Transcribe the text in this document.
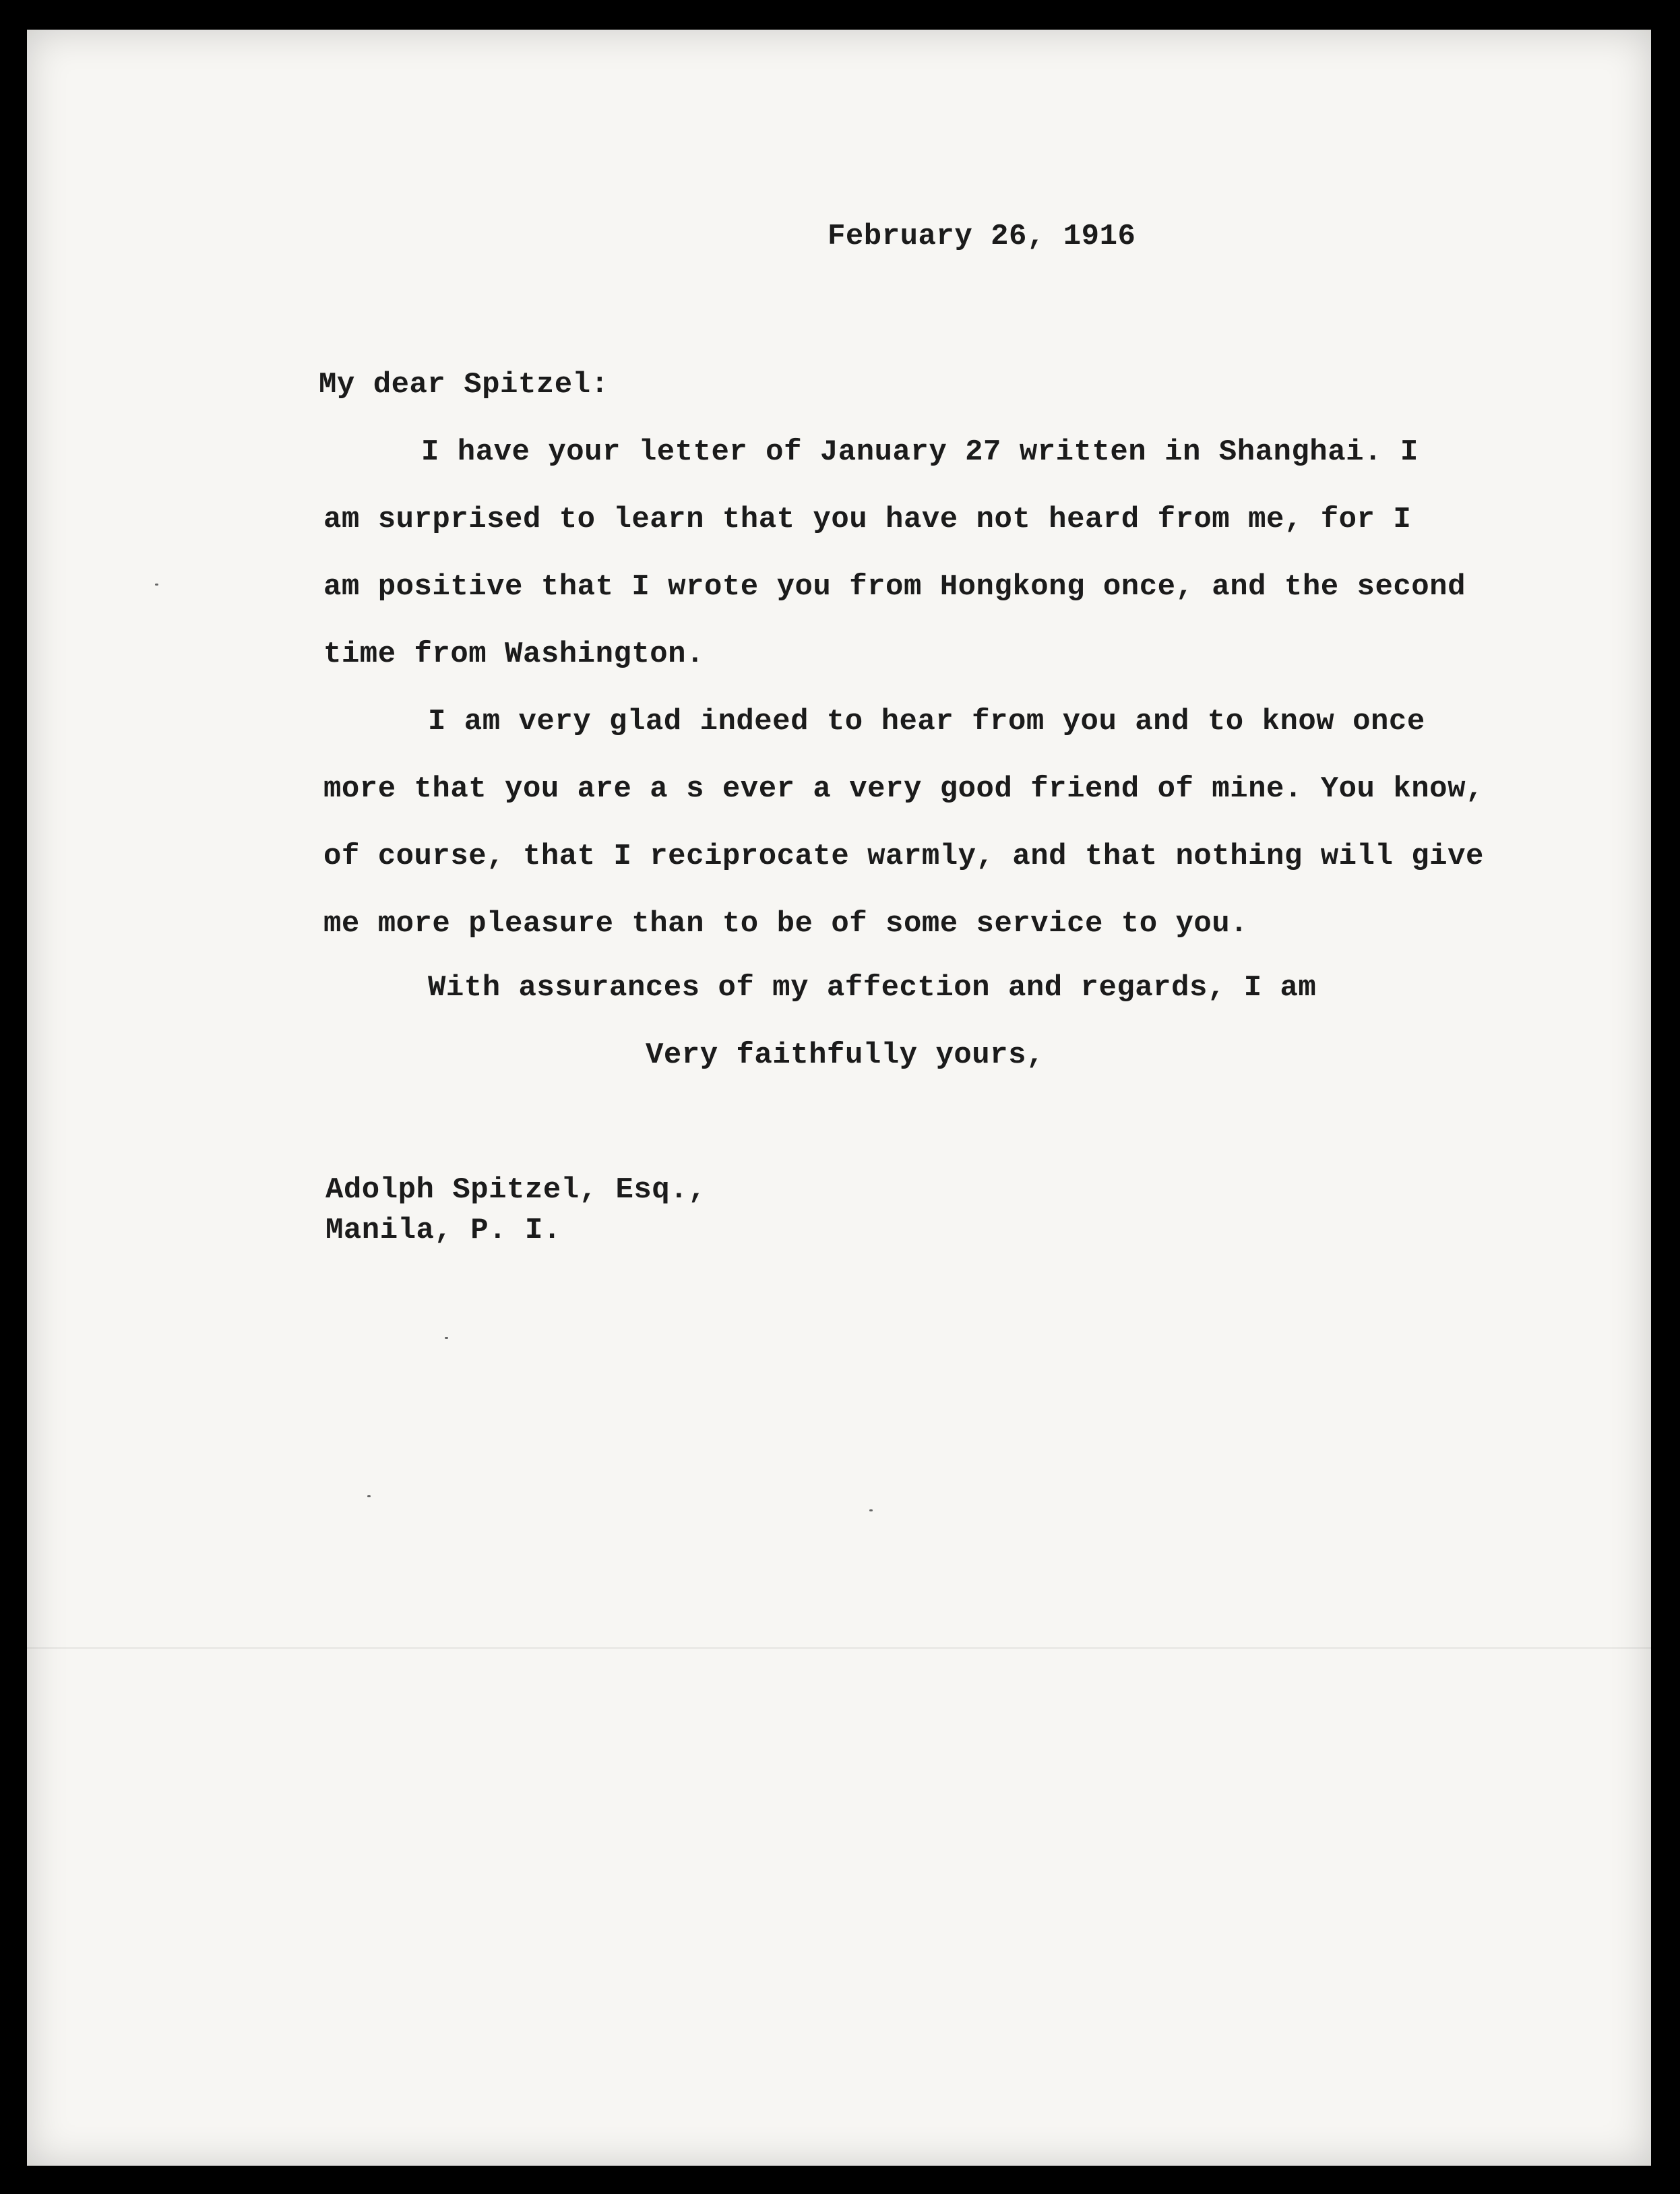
February 26, 1916
My dear Spitzel:
I have your letter of January 27 written in Shanghai. I
am surprised to learn that you have not heard from me, for I
am positive that I wrote you from Hongkong once, and the second
time from Washington.
I am very glad indeed to hear from you and to know once
more that you are a s ever a very good friend of mine. You know,
of course, that I reciprocate warmly, and that nothing will give
me more pleasure than to be of some service to you.
With assurances of my affection and regards, I am
Very faithfully yours,
Adolph Spitzel, Esq.,
Manila, P. I.
